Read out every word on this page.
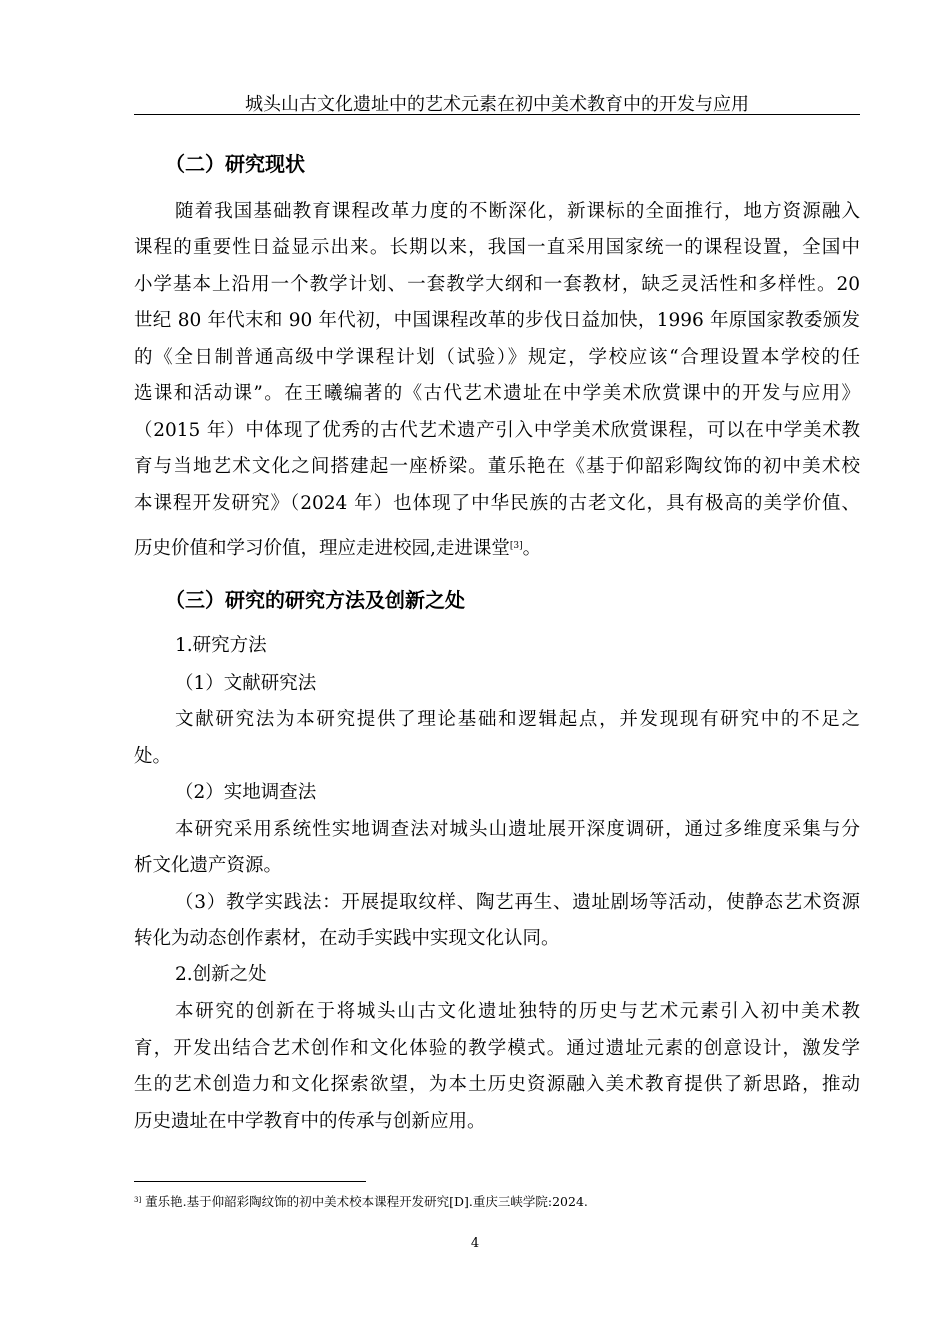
城头山古文化遗址中的艺术元素在初中美术教育中的开发与应用
（二）研究现状
随着我国基础教育课程改革力度的不断深化，新课标的全面推行，地方资源融入
课程的重要性日益显示出来。长期以来，我国一直采用国家统一的课程设置，全国中
小学基本上沿用一个教学计划、一套教学大纲和一套教材，缺乏灵活性和多样性。20
世纪 80 年代末和 90 年代初，中国课程改革的步伐日益加快，1996 年原国家教委颁发
的《全日制普通高级中学课程计划（试验）》规定，学校应该“合理设置本学校的任
选课和活动课”。在王曦编著的《古代艺术遗址在中学美术欣赏课中的开发与应用》
（2015 年）中体现了优秀的古代艺术遗产引入中学美术欣赏课程，可以在中学美术教
育与当地艺术文化之间搭建起一座桥梁。董乐艳在《基于仰韶彩陶纹饰的初中美术校
本课程开发研究》（2024 年）也体现了中华民族的古老文化，具有极高的美学价值、
历史价值和学习价值，理应走进校园,走进课堂[3]。
（三）研究的研究方法及创新之处
1.研究方法
（1）文献研究法
文献研究法为本研究提供了理论基础和逻辑起点，并发现现有研究中的不足之
处。
（2）实地调查法
本研究采用系统性实地调查法对城头山遗址展开深度调研，通过多维度采集与分
析文化遗产资源。
（3）教学实践法：开展提取纹样、陶艺再生、遗址剧场等活动，使静态艺术资源
转化为动态创作素材，在动手实践中实现文化认同。
2.创新之处
本研究的创新在于将城头山古文化遗址独特的历史与艺术元素引入初中美术教
育，开发出结合艺术创作和文化体验的教学模式。通过遗址元素的创意设计，激发学
生的艺术创造力和文化探索欲望，为本土历史资源融入美术教育提供了新思路，推动
历史遗址在中学教育中的传承与创新应用。
$^{3]}$ 董乐艳.基于仰韶彩陶纹饰的初中美术校本课程开发研究[D].重庆三峡学院:2024.
4
